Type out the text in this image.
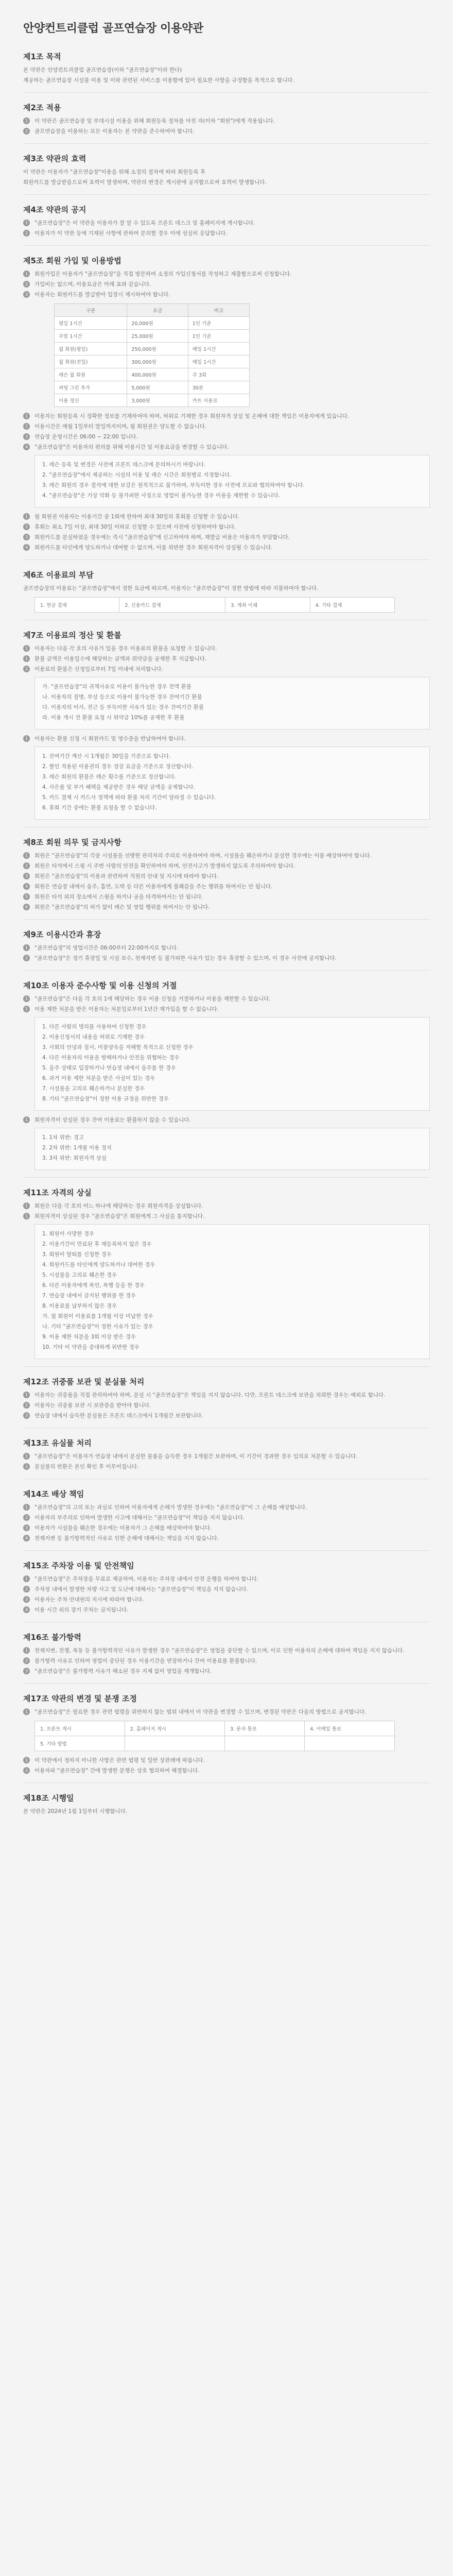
안양컨트리클럽 골프연습장 이용약관
제1조 목적
본 약관은 안양컨트리클럽 골프연습장(이하 "골프연습장"이라 한다)
제공하는 골프연습장 시설물 이용 및 이와 관련된 서비스를 이용함에 있어 필요한 사항을 규정함을 목적으로 합니다.
제2조 적용
1	이 약관은 골프연습장 및 부대시설 이용을 위해 회원등록 절차를 마친 자(이하 "회원")에게 적용됩니다.
2	골프연습장을 이용하는 모든 이용자는 본 약관을 준수하여야 합니다.
제3조 약관의 효력
이 약관은 이용자가 "골프연습장"이용을 위해 소정의 절차에 따라 회원등록 후
회원카드를 발급받음으로써 효력이 발생하며, 약관의 변경은 게시판에 공지함으로써 효력이 발생합니다.
제4조 약관의 공지
1	"골프연습장"은 이 약관을 이용자가 잘 알 수 있도록 프론트 데스크 및 홈페이지에 게시합니다.
2	이용자가 이 약관 등에 기재된 사항에 관하여 문의할 경우 이에 성실히 응답합니다.
제5조 회원 가입 및 이용방법
1	회원가입은 이용자가 "골프연습장"을 직접 방문하여 소정의 가입신청서를 작성하고 제출함으로써 신청합니다.
2	가입비는 없으며, 이용요금은 아래 표와 같습니다.
3	이용자는 회원카드를 발급받아 입장시 제시하여야 합니다.
구분	요금	비고
평일 1시간	20,000원	1인 기준
주말 1시간	25,000원	1인 기준
월 회원(평일)	250,000원	매일 1시간
월 회원(전일)	300,000원	매일 1시간
레슨 월 회원	400,000원	주 3회
퍼팅 그린 추가	5,000원	30분
이용 정산	3,000원	카트 사용료
1	이용자는 회원등록 시 정확한 정보를 기재하여야 하며, 허위로 기재한 경우 회원자격 상실 및 손해에 대한 책임은 이용자에게 있습니다.
2	이용시간은 매월 1일부터 말일까지이며, 월 회원권은 양도할 수 없습니다.
3	연습장 운영시간은 06:00 ~ 22:00 입니다.
4	"골프연습장"은 이용자의 편의를 위해 이용시간 및 이용요금을 변경할 수 있습니다.
1. 레슨 등록 및 변경은 사전에 프론트 데스크에 문의하시기 바랍니다.
2. "골프연습장"에서 제공하는 시설의 이용 및 레슨 시간은 회원별로 지정합니다.
3. 레슨 회원의 경우 결석에 대한 보강은 원칙적으로 불가하며, 부득이한 경우 사전에 프로와 협의하여야 합니다.
4. "골프연습장"은 기상 악화 등 불가피한 사정으로 영업이 불가능한 경우 이용을 제한할 수 있습니다.
1	월 회원권 이용자는 이용기간 중 1회에 한하여 최대 30일의 휴회를 신청할 수 있습니다.
2	휴회는 최소 7일 이상, 최대 30일 이하로 신청할 수 있으며 사전에 신청하여야 합니다.
3	회원카드를 분실하였을 경우에는 즉시 "골프연습장"에 신고하여야 하며, 재발급 비용은 이용자가 부담합니다.
4	회원카드를 타인에게 양도하거나 대여할 수 없으며, 이를 위반한 경우 회원자격이 상실될 수 있습니다.
제6조 이용료의 부담
골프연습장의 이용료는 "골프연습장"에서 정한 요금에 따르며, 이용자는 "골프연습장"이 정한 방법에 따라 지불하여야 합니다.
1. 현금 결제	2. 신용카드 결제	3. 계좌 이체	4. 기타 결제
제7조 이용료의 정산 및 환불
1	이용자는 다음 각 호의 사유가 있을 경우 이용료의 환불을 요청할 수 있습니다.
1	환불 금액은 이용일수에 해당하는 금액과 위약금을 공제한 후 지급합니다.
2	이용료의 환불은 신청일로부터 7일 이내에 처리합니다.
가. "골프연습장"의 귀책사유로 이용이 불가능한 경우 전액 환불
나. 이용자의 질병, 부상 등으로 이용이 불가능한 경우 잔여기간 환불
다. 이용자의 이사, 전근 등 부득이한 사유가 있는 경우 잔여기간 환불
라. 이용 개시 전 환불 요청 시 위약금 10%를 공제한 후 환불
1	이용자는 환불 신청 시 회원카드 및 영수증을 반납하여야 합니다.
1. 잔여기간 계산 시 1개월은 30일을 기준으로 합니다.
2. 할인 적용된 이용권의 경우 정상 요금을 기준으로 정산합니다.
3. 레슨 회원의 환불은 레슨 횟수를 기준으로 정산합니다.
4. 사은품 및 부가 혜택을 제공받은 경우 해당 금액을 공제합니다.
5. 카드 결제 시 카드사 정책에 따라 환불 처리 기간이 달라질 수 있습니다.
6. 휴회 기간 중에는 환불 요청을 할 수 없습니다.
제8조 회원 의무 및 금지사항
1	회원은 "골프연습장"의 각종 시설물을 선량한 관리자의 주의로 이용하여야 하며, 시설물을 훼손하거나 분실한 경우에는 이를 배상하여야 합니다.
2	회원은 타석에서 스윙 시 주변 사람의 안전을 확인하여야 하며, 안전사고가 발생하지 않도록 주의하여야 합니다.
3	회원은 "골프연습장"의 이용과 관련하여 직원의 안내 및 지시에 따라야 합니다.
4	회원은 연습장 내에서 음주, 흡연, 도박 등 다른 이용자에게 불쾌감을 주는 행위를 하여서는 안 됩니다.
5	회원은 타석 외의 장소에서 스윙을 하거나 공을 타격하여서는 안 됩니다.
6	회원은 "골프연습장"의 허가 없이 레슨 및 영업 행위를 하여서는 안 됩니다.
제9조 이용시간과 휴장
1	"골프연습장"의 영업시간은 06:00부터 22:00까지로 합니다.
2	"골프연습장"은 정기 휴장일 및 시설 보수, 천재지변 등 불가피한 사유가 있는 경우 휴장할 수 있으며, 이 경우 사전에 공지합니다.
제10조 이용자 준수사항 및 이용 신청의 거절
1	"골프연습장"은 다음 각 호의 1에 해당하는 경우 이용 신청을 거절하거나 이용을 제한할 수 있습니다.
1	이용 제한 처분을 받은 이용자는 처분일로부터 1년간 재가입을 할 수 없습니다.
1. 다른 사람의 명의를 사용하여 신청한 경우
2. 이용신청서의 내용을 허위로 기재한 경우
3. 사회의 안녕과 질서, 미풍양속을 저해할 목적으로 신청한 경우
4. 다른 이용자의 이용을 방해하거나 안전을 위협하는 경우
5. 음주 상태로 입장하거나 연습장 내에서 음주를 한 경우
6. 과거 이용 제한 처분을 받은 사실이 있는 경우
7. 시설물을 고의로 훼손하거나 분실한 경우
8. 기타 "골프연습장"이 정한 이용 규정을 위반한 경우
1	회원자격이 상실된 경우 잔여 이용료는 환불하지 않을 수 있습니다.
1. 1차 위반: 경고
2. 2차 위반: 1개월 이용 정지
3. 3차 위반: 회원자격 상실
제11조 자격의 상실
1	회원은 다음 각 호의 어느 하나에 해당하는 경우 회원자격을 상실합니다.
1	회원자격이 상실된 경우 "골프연습장"은 회원에게 그 사실을 통지합니다.
1. 회원이 사망한 경우
2. 이용기간이 만료된 후 재등록하지 않은 경우
3. 회원이 탈퇴를 신청한 경우
4. 회원카드를 타인에게 양도하거나 대여한 경우
5. 시설물을 고의로 훼손한 경우
6. 다른 이용자에게 폭언, 폭행 등을 한 경우
7. 연습장 내에서 금지된 행위를 한 경우
8. 이용료를 납부하지 않은 경우
가. 월 회원이 이용료를 1개월 이상 미납한 경우
나. 기타 "골프연습장"이 정한 사유가 있는 경우
9. 이용 제한 처분을 3회 이상 받은 경우
10. 기타 이 약관을 중대하게 위반한 경우
제12조 귀중품 보관 및 분실물 처리
1	이용자는 귀중품을 직접 관리하여야 하며, 분실 시 "골프연습장"은 책임을 지지 않습니다. 다만, 프론트 데스크에 보관을 의뢰한 경우는 예외로 합니다.
2	이용자는 귀중품 보관 시 보관증을 받아야 합니다.
3	연습장 내에서 습득한 분실물은 프론트 데스크에서 1개월간 보관합니다.
제13조 유실물 처리
1	"골프연습장"은 이용자가 연습장 내에서 분실한 물품을 습득한 경우 1개월간 보관하며, 이 기간이 경과한 경우 임의로 처분할 수 있습니다.
2	분실물의 반환은 본인 확인 후 이루어집니다.
제14조 배상 책임
1	"골프연습장"의 고의 또는 과실로 인하여 이용자에게 손해가 발생한 경우에는 "골프연습장"이 그 손해를 배상합니다.
2	이용자의 부주의로 인하여 발생한 사고에 대해서는 "골프연습장"이 책임을 지지 않습니다.
3	이용자가 시설물을 훼손한 경우에는 이용자가 그 손해를 배상하여야 합니다.
4	천재지변 등 불가항력적인 사유로 인한 손해에 대해서는 책임을 지지 않습니다.
제15조 주차장 이용 및 안전책임
1	"골프연습장"은 주차장을 무료로 제공하며, 이용자는 주차장 내에서 안전 운행을 하여야 합니다.
2	주차장 내에서 발생한 차량 사고 및 도난에 대해서는 "골프연습장"이 책임을 지지 않습니다.
3	이용자는 주차 안내원의 지시에 따라야 합니다.
4	이용 시간 외의 장기 주차는 금지됩니다.
제16조 불가항력
1	천재지변, 전쟁, 폭동 등 불가항력적인 사유가 발생한 경우 "골프연습장"은 영업을 중단할 수 있으며, 이로 인한 이용자의 손해에 대하여 책임을 지지 않습니다.
2	불가항력 사유로 인하여 영업이 중단된 경우 이용기간을 연장하거나 잔여 이용료를 환불합니다.
3	"골프연습장"은 불가항력 사유가 해소된 경우 지체 없이 영업을 재개합니다.
제17조 약관의 변경 및 분쟁 조정
1	"골프연습장"은 필요한 경우 관련 법령을 위반하지 않는 범위 내에서 이 약관을 변경할 수 있으며, 변경된 약관은 다음의 방법으로 공지합니다.
1. 프론트 게시	2. 홈페이지 게시	3. 문자 통보	4. 이메일 통보
5. 기타 방법			
1	이 약관에서 정하지 아니한 사항은 관련 법령 및 일반 상관례에 따릅니다.
2	이용자와 "골프연습장" 간에 발생한 분쟁은 상호 협의하여 해결합니다.
제18조 시행일
본 약관은 2024년 1월 1일부터 시행합니다.
